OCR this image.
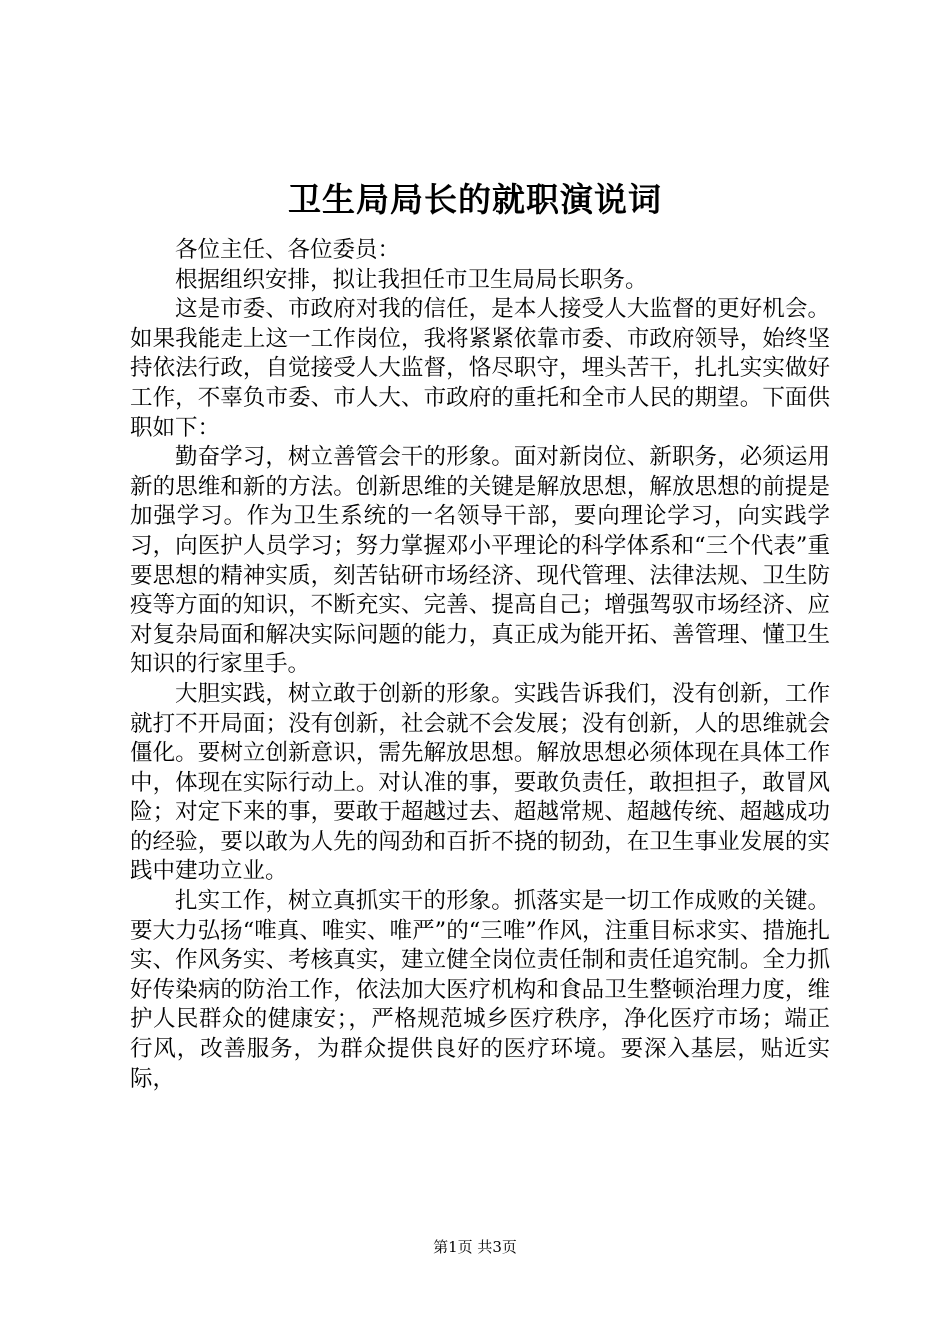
卫生局局长的就职演说词

各位主任、各位委员：

根据组织安排，拟让我担任市卫生局局长职务。

这是市委、市政府对我的信任，是本人接受人大监督的更好机会。如果我能走上这一工作岗位，我将紧紧依靠市委、市政府领导，始终坚持依法行政，自觉接受人大监督，恪尽职守，埋头苦干，扎扎实实做好工作，不辜负市委、市人大、市政府的重托和全市人民的期望。下面供职如下：

勤奋学习，树立善管会干的形象。面对新岗位、新职务，必须运用新的思维和新的方法。创新思维的关键是解放思想，解放思想的前提是加强学习。作为卫生系统的一名领导干部，要向理论学习，向实践学习，向医护人员学习；努力掌握邓小平理论的科学体系和“三个代表”重要思想的精神实质，刻苦钻研市场经济、现代管理、法律法规、卫生防疫等方面的知识，不断充实、完善、提高自己；增强驾驭市场经济、应对复杂局面和解决实际问题的能力，真正成为能开拓、善管理、懂卫生知识的行家里手。

大胆实践，树立敢于创新的形象。实践告诉我们，没有创新，工作就打不开局面；没有创新，社会就不会发展；没有创新，人的思维就会僵化。要树立创新意识，需先解放思想。解放思想必须体现在具体工作中，体现在实际行动上。对认准的事，要敢负责任，敢担担子，敢冒风险；对定下来的事，要敢于超越过去、超越常规、超越传统、超越成功的经验，要以敢为人先的闯劲和百折不挠的韧劲，在卫生事业发展的实践中建功立业。

扎实工作，树立真抓实干的形象。抓落实是一切工作成败的关键。要大力弘扬“唯真、唯实、唯严”的“三唯”作风，注重目标求实、措施扎实、作风务实、考核真实，建立健全岗位责任制和责任追究制。全力抓好传染病的防治工作，依法加大医疗机构和食品卫生整顿治理力度，维护人民群众的健康安；，严格规范城乡医疗秩序，净化医疗市场；端正行风，改善服务，为群众提供良好的医疗环境。要深入基层，贴近实际，

第1页 共3页
